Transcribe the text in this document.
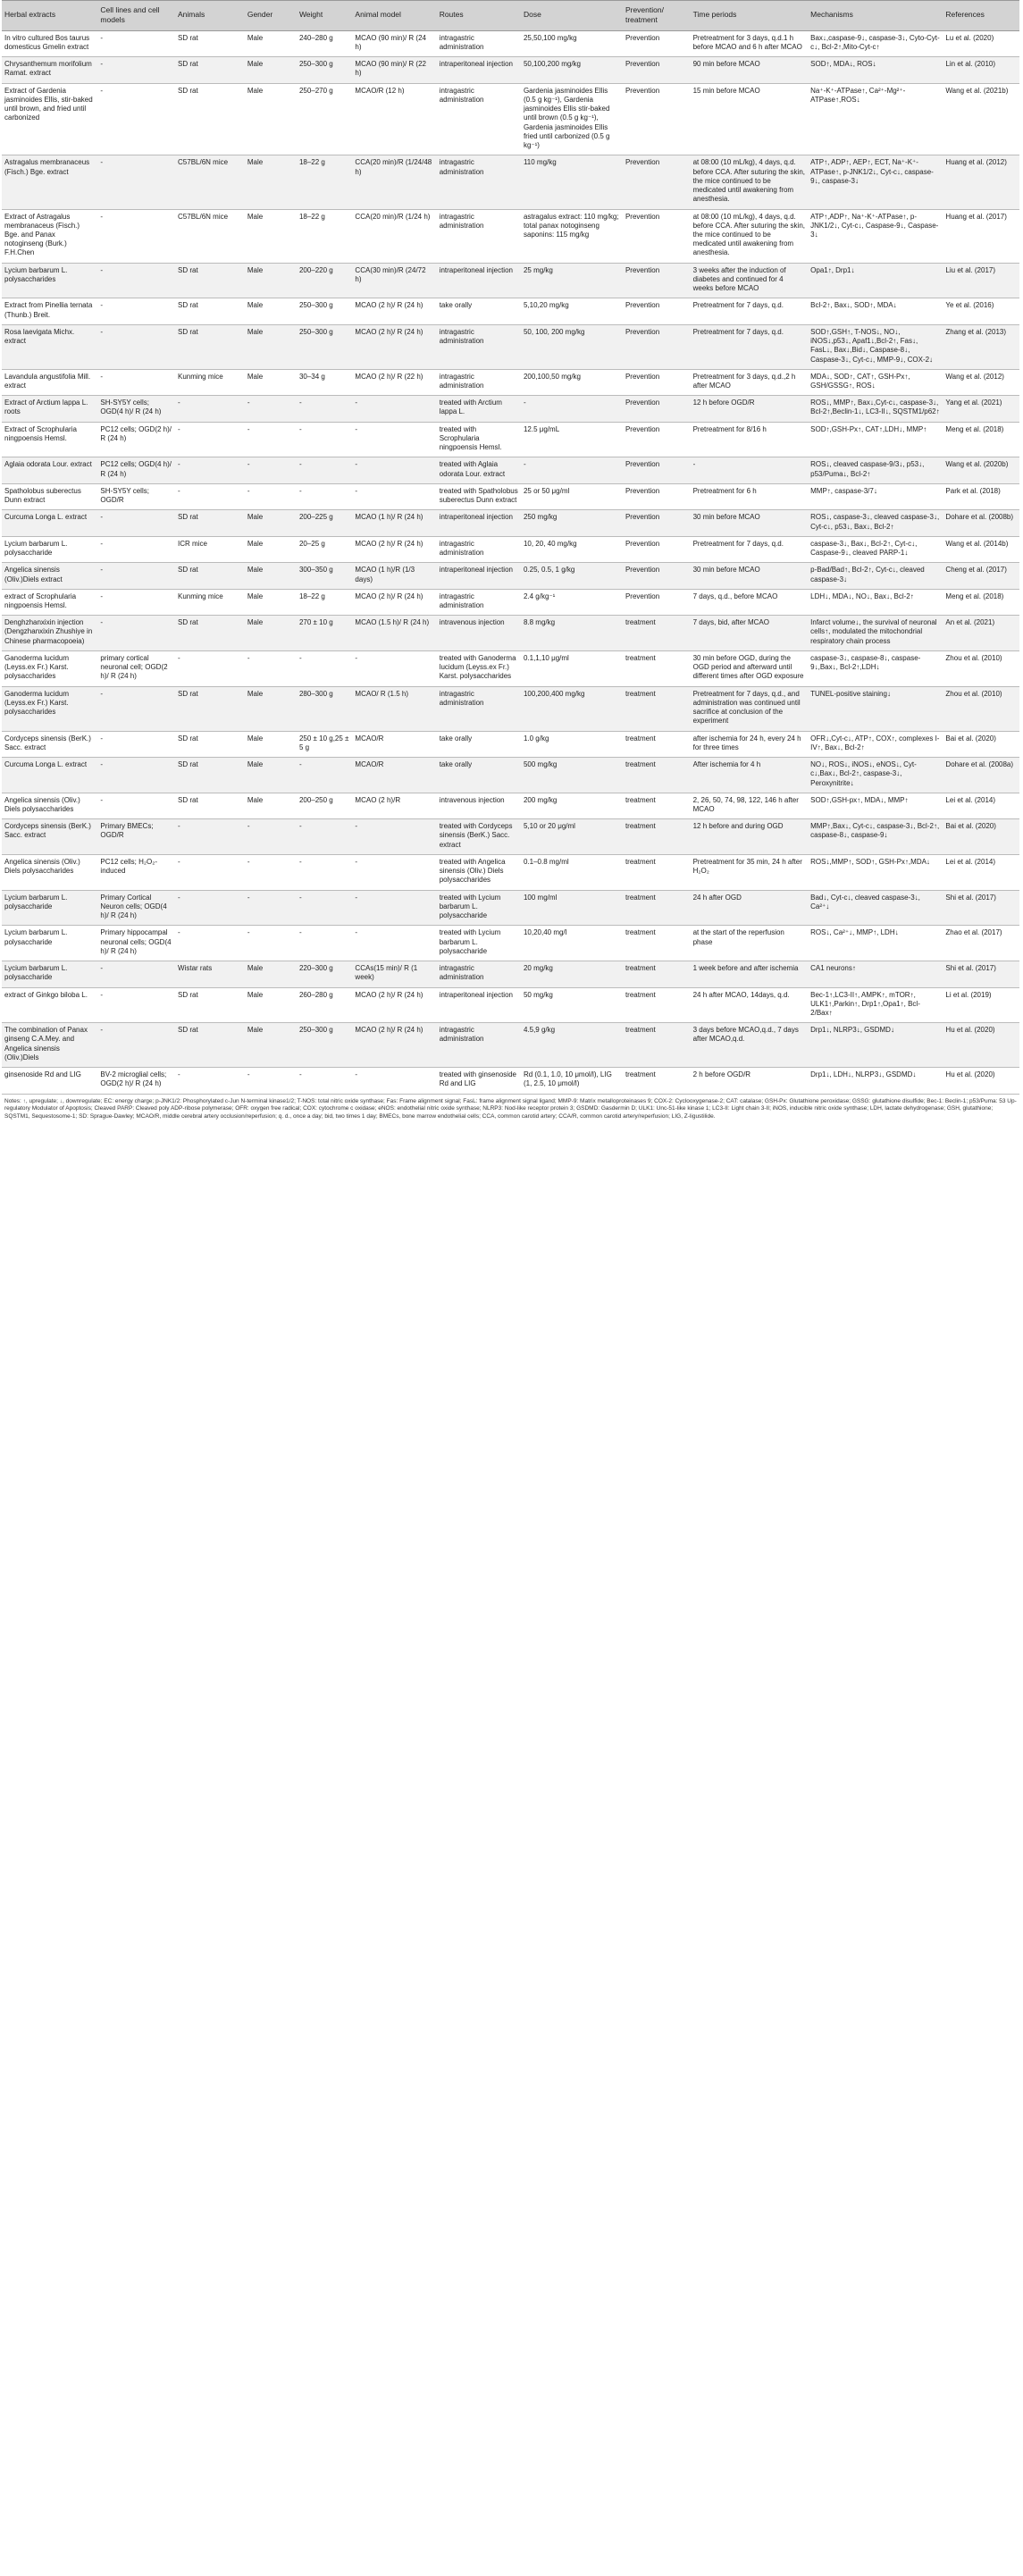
Herbal extracts	Cell lines and cell models	Animals	Gender	Weight	Animal model	Routes	Dose	Prevention/ treatment	Time periods	Mechanisms	References
In vitro cultured Bos taurus domesticus Gmelin extract	-	SD rat	Male	240–280 g	MCAO (90 min)/ R (24 h)	intragastric administration	25,50,100 mg/kg	Prevention	Pretreatment for 3 days, q.d.1 h before MCAO and 6 h after MCAO	Bax↓,caspase-9↓, caspase-3↓, Cyto-Cyt-c↓, Bcl-2↑,Mito-Cyt-c↑	Lu et al. (2020)
Chrysanthemum morifolium Ramat. extract	-	SD rat	Male	250–300 g	MCAO (90 min)/ R (22 h)	intraperitoneal injection	50,100,200 mg/kg	Prevention	90 min before MCAO	SOD↑, MDA↓, ROS↓	Lin et al. (2010)
Extract of Gardenia jasminoides Ellis, stir-baked until brown, and fried until carbonized	-	SD rat	Male	250–270 g	MCAO/R (12 h)	intragastric administration	Gardenia jasminoides Ellis (0.5 g kg⁻¹), Gardenia jasminoides Ellis stir-baked until brown (0.5 g kg⁻¹), Gardenia jasminoides Ellis fried until carbonized (0.5 g kg⁻¹)	Prevention	15 min before MCAO	Na⁺-K⁺-ATPase↑, Ca²⁺-Mg²⁺-ATPase↑,ROS↓	Wang et al. (2021b)
Astragalus membranaceus (Fisch.) Bge. extract	-	C57BL/6N mice	Male	18–22 g	CCA(20 min)/R (1/24/48 h)	intragastric administration	110 mg/kg	Prevention	at 08:00 (10 mL/kg), 4 days, q.d. before CCA. After suturing the skin, the mice continued to be medicated until awakening from anesthesia.	ATP↑, ADP↑, AEP↑, ECT, Na⁺-K⁺-ATPase↑, p-JNK1/2↓, Cyt-c↓, caspase-9↓, caspase-3↓	Huang et al. (2012)
Extract of Astragalus membranaceus (Fisch.) Bge. and Panax notoginseng (Burk.) F.H.Chen	-	C57BL/6N mice	Male	18–22 g	CCA(20 min)/R (1/24 h)	intragastric administration	astragalus extract: 110 mg/kg; total panax notoginseng saponins: 115 mg/kg	Prevention	at 08:00 (10 mL/kg), 4 days, q.d. before CCA. After suturing the skin, the mice continued to be medicated until awakening from anesthesia.	ATP↑,ADP↑, Na⁺-K⁺-ATPase↑, p-JNK1/2↓, Cyt-c↓, Caspase-9↓, Caspase-3↓	Huang et al. (2017)
Lycium barbarum L. polysaccharides	-	SD rat	Male	200–220 g	CCA(30 min)/R (24/72 h)	intraperitoneal injection	25 mg/kg	Prevention	3 weeks after the induction of diabetes and continued for 4 weeks before MCAO	Opa1↑, Drp1↓	Liu et al. (2017)
Extract from Pinellia ternata (Thunb.) Breit.	-	SD rat	Male	250–300 g	MCAO (2 h)/ R (24 h)	take orally	5,10,20 mg/kg	Prevention	Pretreatment for 7 days, q.d.	Bcl-2↑, Bax↓, SOD↑, MDA↓	Ye et al. (2016)
Rosa laevigata Michx. extract	-	SD rat	Male	250–300 g	MCAO (2 h)/ R (24 h)	intragastric administration	50, 100, 200 mg/kg	Prevention	Pretreatment for 7 days, q.d.	SOD↑,GSH↑, T-NOS↓, NO↓, iNOS↓,p53↓, Apaf1↓,Bcl-2↑, Fas↓, FasL↓, Bax↓,Bid↓, Caspase-8↓, Caspase-3↓, Cyt-c↓, MMP-9↓, COX-2↓	Zhang et al. (2013)
Lavandula angustifolia Mill. extract	-	Kunming mice	Male	30–34 g	MCAO (2 h)/ R (22 h)	intragastric administration	200,100,50 mg/kg	Prevention	Pretreatment for 3 days, q.d.,2 h after MCAO	MDA↓, SOD↑, CAT↑, GSH-Px↑, GSH/GSSG↑, ROS↓	Wang et al. (2012)
Extract of Arctium lappa L. roots	SH-SY5Y cells; OGD(4 h)/ R (24 h)	-	-	-	-	treated with Arctium lappa L.	-	Prevention	12 h before OGD/R	ROS↓, MMP↑, Bax↓,Cyt-c↓, caspase-3↓, Bcl-2↑,Beclin-1↓, LC3-II↓, SQSTM1/p62↑	Yang et al. (2021)
Extract of Scrophularia ningpoensis Hemsl.	PC12 cells; OGD(2 h)/ R (24 h)	-	-	-	-	treated with Scrophularia ningpoensis Hemsl.	12.5 μg/mL	Prevention	Pretreatment for 8/16 h	SOD↑,GSH-Px↑, CAT↑,LDH↓, MMP↑	Meng et al. (2018)
Aglaia odorata Lour. extract	PC12 cells; OGD(4 h)/ R (24 h)	-	-	-	-	treated with Aglaia odorata Lour. extract	-	Prevention	-	ROS↓, cleaved caspase-9/3↓, p53↓, p53/Puma↓, Bcl-2↑	Wang et al. (2020b)
Spatholobus suberectus Dunn extract	SH-SY5Y cells; OGD/R	-	-	-	-	treated with Spatholobus suberectus Dunn extract	25 or 50 μg/ml	Prevention	Pretreatment for 6 h	MMP↑, caspase-3/7↓	Park et al. (2018)
Curcuma Longa L. extract	-	SD rat	Male	200–225 g	MCAO (1 h)/ R (24 h)	intraperitoneal injection	250 mg/kg	Prevention	30 min before MCAO	ROS↓, caspase-3↓, cleaved caspase-3↓, Cyt-c↓, p53↓, Bax↓, Bcl-2↑	Dohare et al. (2008b)
Lycium barbarum L. polysaccharide	-	ICR mice	Male	20–25 g	MCAO (2 h)/ R (24 h)	intragastric administration	10, 20, 40 mg/kg	Prevention	Pretreatment for 7 days, q.d.	caspase-3↓, Bax↓, Bcl-2↑, Cyt-c↓, Caspase-9↓, cleaved PARP-1↓	Wang et al. (2014b)
Angelica sinensis (Oliv.)Diels extract	-	SD rat	Male	300–350 g	MCAO (1 h)/R (1/3 days)	intraperitoneal injection	0.25, 0.5, 1 g/kg	Prevention	30 min before MCAO	p-Bad/Bad↑, Bcl-2↑, Cyt-c↓, cleaved caspase-3↓	Cheng et al. (2017)
extract of Scrophularia ningpoensis Hemsl.	-	Kunming mice	Male	18–22 g	MCAO (2 h)/ R (24 h)	intragastric administration	2.4 g/kg⁻¹	Prevention	7 days, q.d., before MCAO	LDH↓, MDA↓, NO↓, Bax↓, Bcl-2↑	Meng et al. (2018)
Denghzhanxixin injection (Dengzhanxixin Zhushiye in Chinese pharmacopoeia)	-	SD rat	Male	270 ± 10 g	MCAO (1.5 h)/ R (24 h)	intravenous injection	8.8 mg/kg	treatment	7 days, bid, after MCAO	Infarct volume↓, the survival of neuronal cells↑, modulated the mitochondrial respiratory chain process	An et al. (2021)
Ganoderma lucidum (Leyss.ex Fr.) Karst. polysaccharides	primary cortical neuronal cell; OGD(2 h)/ R (24 h)	-	-	-	-	treated with Ganoderma lucidum (Leyss.ex Fr.) Karst. polysaccharides	0.1,1,10 μg/ml	treatment	30 min before OGD, during the OGD period and afterward until different times after OGD exposure	caspase-3↓, caspase-8↓, caspase-9↓,Bax↓, Bcl-2↑,LDH↓	Zhou et al. (2010)
Ganoderma lucidum (Leyss.ex Fr.) Karst. polysaccharides	-	SD rat	Male	280–300 g	MCAO/ R (1.5 h)	intragastric administration	100,200,400 mg/kg	treatment	Pretreatment for 7 days, q.d., and administration was continued until sacrifice at conclusion of the experiment	TUNEL-positive staining↓	Zhou et al. (2010)
Cordyceps sinensis (BerK.) Sacc. extract	-	SD rat	Male	250 ± 10 g,25 ± 5 g	MCAO/R	take orally	1.0 g/kg	treatment	after ischemia for 24 h, every 24 h for three times	OFR↓,Cyt-c↓, ATP↑, COX↑, complexes I-IV↑, Bax↓, Bcl-2↑	Bai et al. (2020)
Curcuma Longa L. extract	-	SD rat	Male	-	MCAO/R	take orally	500 mg/kg	treatment	After ischemia for 4 h	NO↓, ROS↓, iNOS↓, eNOS↓, Cyt-c↓,Bax↓, Bcl-2↑, caspase-3↓, Peroxynitrite↓	Dohare et al. (2008a)
Angelica sinensis (Oliv.) Diels polysaccharides	-	SD rat	Male	200–250 g	MCAO (2 h)/R	intravenous injection	200 mg/kg	treatment	2, 26, 50, 74, 98, 122, 146 h after MCAO	SOD↑,GSH-px↑, MDA↓, MMP↑	Lei et al. (2014)
Cordyceps sinensis (BerK.) Sacc. extract	Primary BMECs; OGD/R	-	-	-	-	treated with Cordyceps sinensis (BerK.) Sacc. extract	5,10 or 20 μg/ml	treatment	12 h before and during OGD	MMP↑,Bax↓, Cyt-c↓, caspase-3↓, Bcl-2↑, caspase-8↓, caspase-9↓	Bai et al. (2020)
Angelica sinensis (Oliv.) Diels polysaccharides	PC12 cells; H₂O₂-induced	-	-	-	-	treated with Angelica sinensis (Oliv.) Diels polysaccharides	0.1–0.8 mg/ml	treatment	Pretreatment for 35 min, 24 h after H₂O₂	ROS↓,MMP↑, SOD↑, GSH-Px↑,MDA↓	Lei et al. (2014)
Lycium barbarum L. polysaccharide	Primary Cortical Neuron cells; OGD(4 h)/ R (24 h)	-	-	-	-	treated with Lycium barbarum L. polysaccharide	100 mg/ml	treatment	24 h after OGD	Bad↓, Cyt-c↓, cleaved caspase-3↓, Ca²⁺↓	Shi et al. (2017)
Lycium barbarum L. polysaccharide	Primary hippocampal neuronal cells; OGD(4 h)/ R (24 h)	-	-	-	-	treated with Lycium barbarum L. polysaccharide	10,20,40 mg/l	treatment	at the start of the reperfusion phase	ROS↓, Ca²⁺↓, MMP↑, LDH↓	Zhao et al. (2017)
Lycium barbarum L. polysaccharide	-	Wistar rats	Male	220–300 g	CCAs(15 min)/ R (1 week)	intragastric administration	20 mg/kg	treatment	1 week before and after ischemia	CA1 neurons↑	Shi et al. (2017)
extract of Ginkgo biloba L.	-	SD rat	Male	260–280 g	MCAO (2 h)/ R (24 h)	intraperitoneal injection	50 mg/kg	treatment	24 h after MCAO, 14days, q.d.	Bec-1↑,LC3-II↑, AMPK↑, mTOR↑, ULK1↑,Parkin↑, Drp1↑,Opa1↑, Bcl-2/Bax↑	Li et al. (2019)
The combination of Panax ginseng C.A.Mey. and Angelica sinensis (Oliv.)Diels	-	SD rat	Male	250–300 g	MCAO (2 h)/ R (24 h)	intragastric administration	4.5,9 g/kg	treatment	3 days before MCAO,q.d., 7 days after MCAO,q.d.	Drp1↓, NLRP3↓, GSDMD↓	Hu et al. (2020)
ginsenoside Rd and LIG	BV-2 microglial cells; OGD(2 h)/ R (24 h)	-	-	-	-	treated with ginsenoside Rd and LIG	Rd (0.1, 1.0, 10 μmol/l), LIG (1, 2.5, 10 μmol/l)	treatment	2 h before OGD/R	Drp1↓, LDH↓, NLRP3↓, GSDMD↓	Hu et al. (2020)
Notes: ↑, upregulate; ↓, downregulate; EC: energy charge; p-JNK1/2: Phosphorylated c-Jun N-terminal kinase1/2; T-NOS: total nitric oxide synthase; Fas: Frame alignment signal; FasL: frame alignment signal ligand; MMP-9: Matrix metalloproteinases 9; COX-2: Cyclooxygenase-2; CAT: catalase; GSH-Px: Glutathione peroxidase; GSSG: glutathione disulfide; Bec-1: Beclin-1; p53/Puma: 53 Up-regulatory Modulator of Apoptosis; Cleaved PARP: Cleaved poly ADP-ribose polymerase; OFR: oxygen free radical; COX: cytochrome c oxidase; eNOS: endothelial nitric oxide synthase; NLRP3: Nod-like receptor protein 3; GSDMD: Gasdermin D; ULK1: Unc-51-like kinase 1; LC3-II: Light chain 3-II; iNOS, inducible nitric oxide synthase; LDH, lactate dehydrogenase; GSH, glutathione; SQSTM1, Sequestosome-1; SD: Sprague-Dawley; MCAO/R, middle cerebral artery occlusion/reperfusion; q. d., once a day; bid, two times 1 day; BMECs, bone marrow endothelial cells; CCA, common carotid artery; CCA/R, common carotid artery/reperfusion; LIG, Z-ligustilide.
